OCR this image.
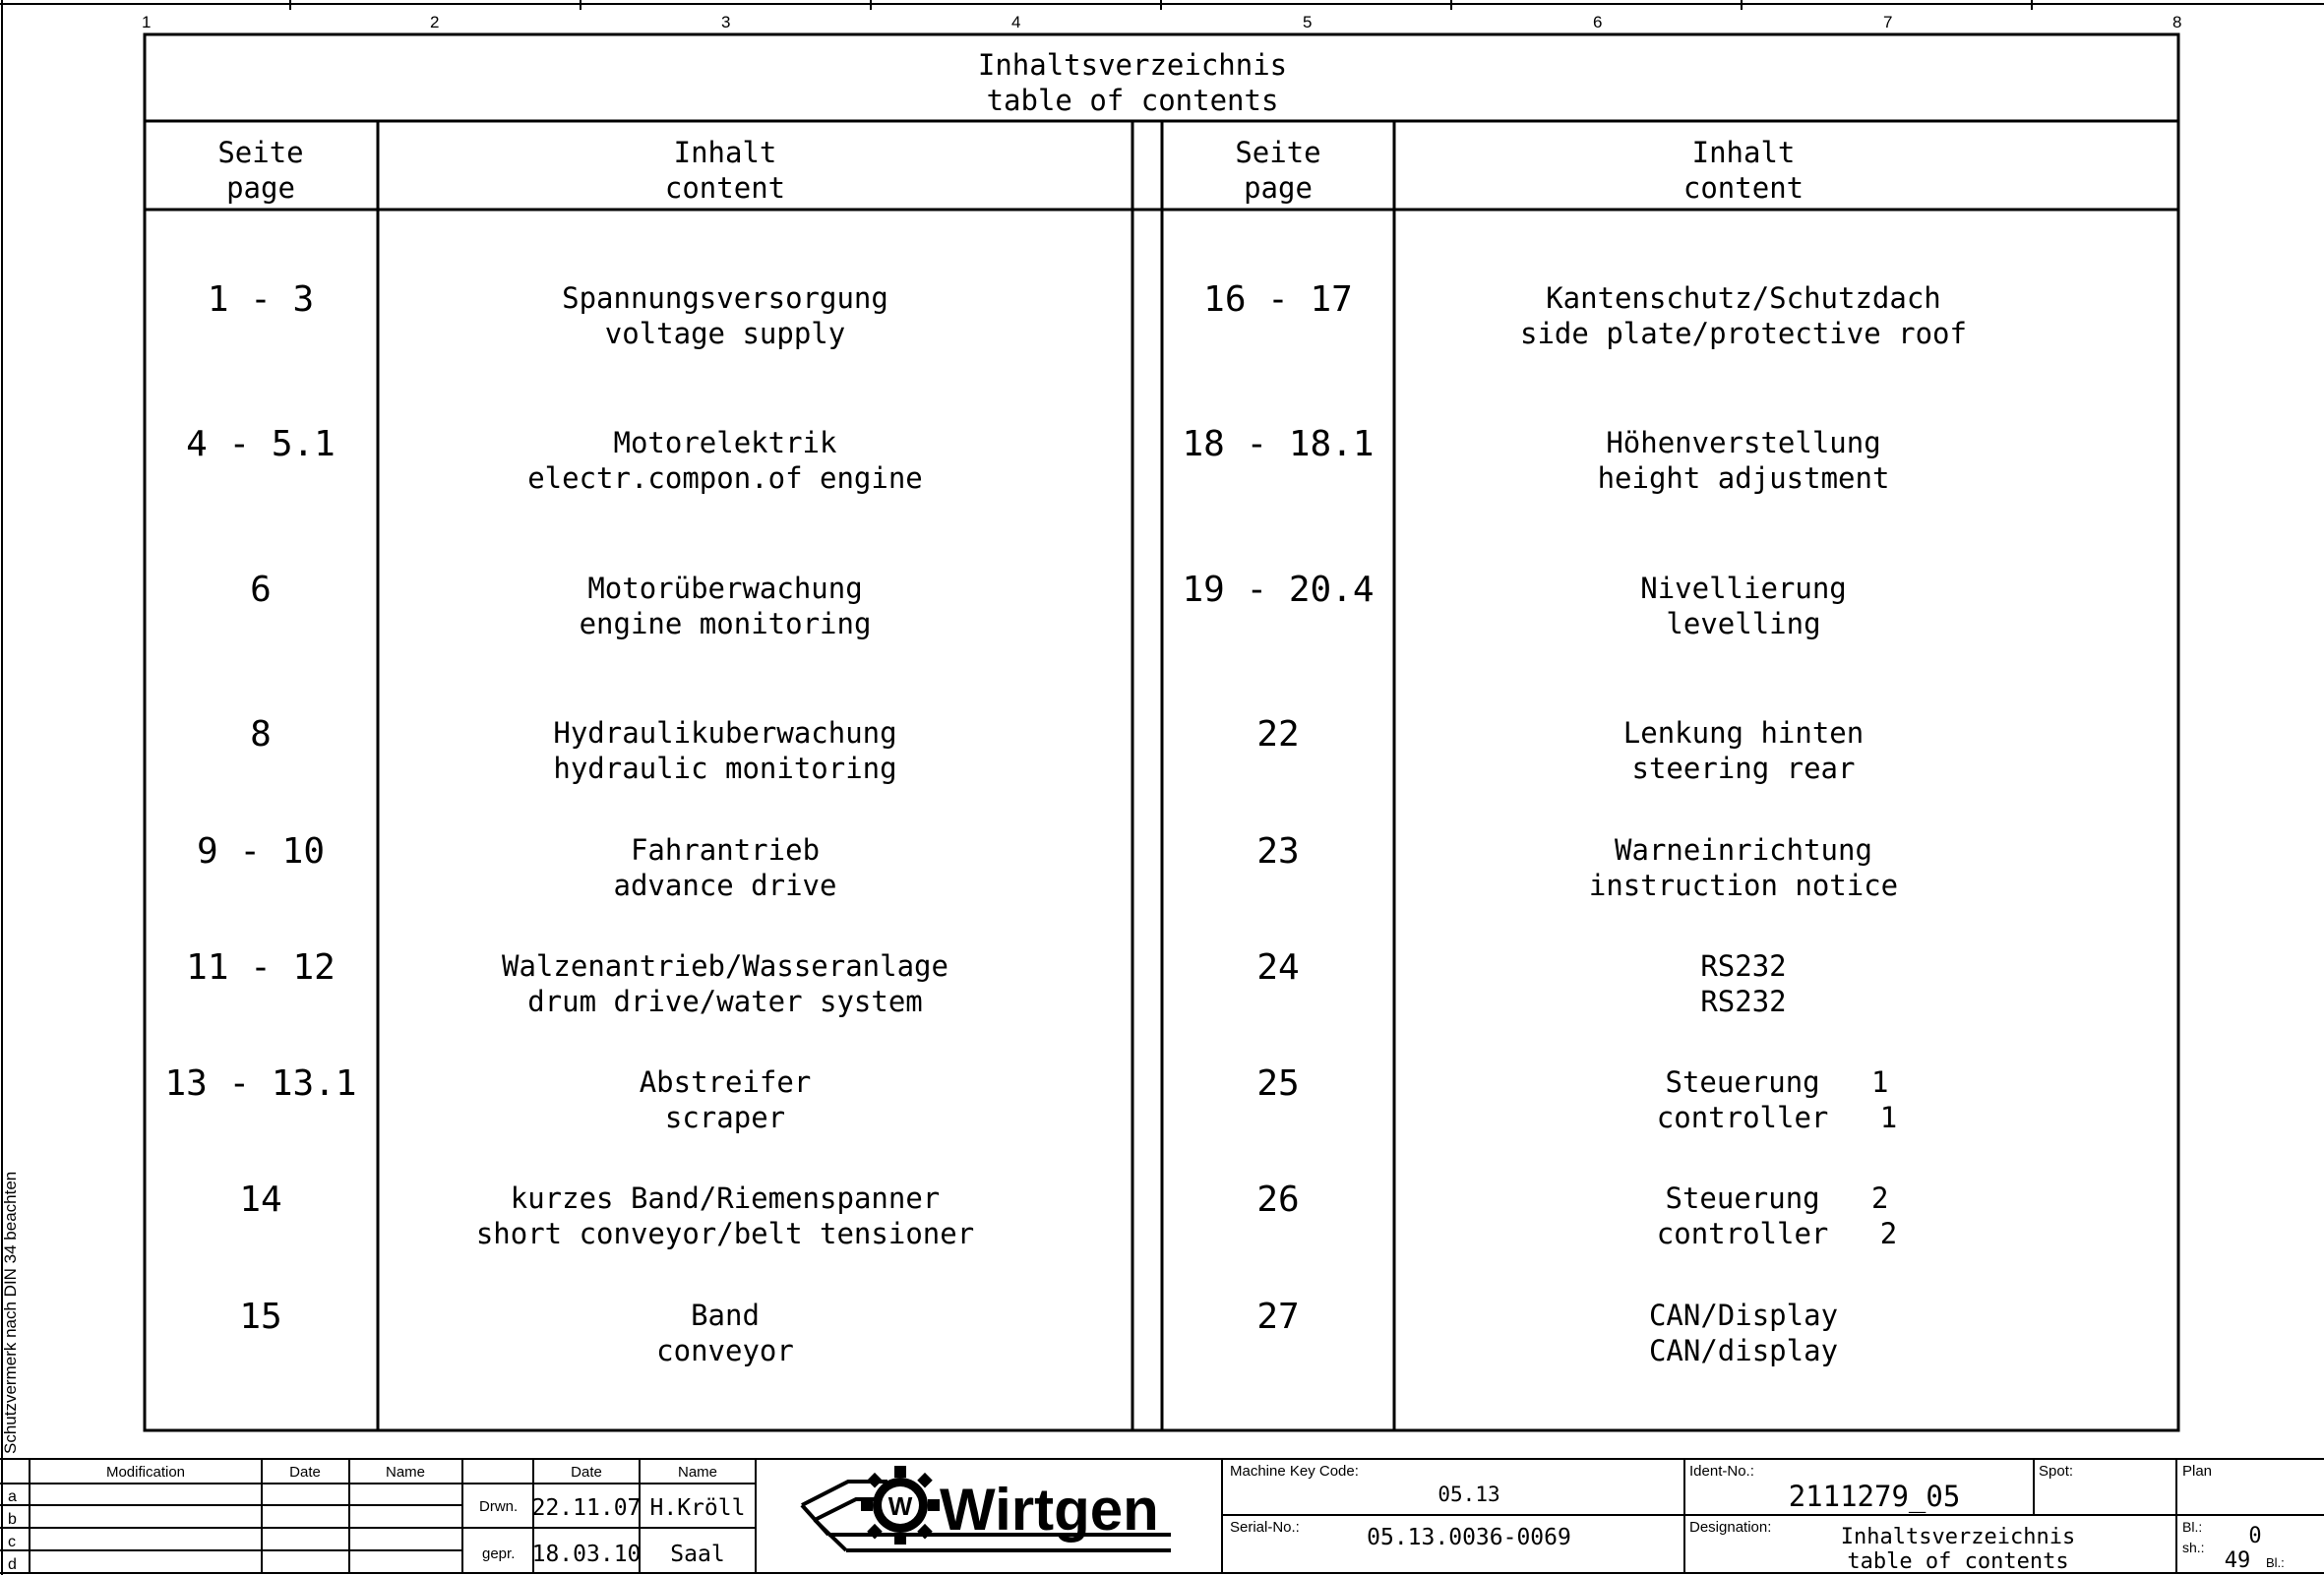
1	2	3	4	5	6	7	8
Schutzvermerk nach DIN 34 beachten
Inhaltsverzeichnis
table of contents
Seite
page
Inhalt
content
Seite
page
Inhalt
content
1 - 3	Spannungsversorgung
voltage supply
4 - 5.1	Motorelektrik
electr.compon.of engine
6	Motorüberwachung
engine monitoring
8	Hydraulikuberwachung
hydraulic monitoring
9 - 10	Fahrantrieb
advance drive
11 - 12	Walzenantrieb/Wasseranlage
drum drive/water system
13 - 13.1	Abstreifer
scraper
14	kurzes Band/Riemenspanner
short conveyor/belt tensioner
15	Band
conveyor
16 - 17	Kantenschutz/Schutzdach
side plate/protective roof
18 - 18.1	Höhenverstellung
height adjustment
19 - 20.4	Nivellierung
levelling
22	Lenkung hinten
steering rear
23	Warneinrichtung
instruction notice
24	RS232
RS232
25	Steuerung   1
controller   1
26	Steuerung   2
controller   2
27	CAN/Display
CAN/display
Modification	Date	Name	Date	Name
a
b
c
d
Drwn. 22.11.07 H.Kröll
gepr. 18.03.10 Saal
W Wirtgen
Machine Key Code:
05.13
Serial-No.:	05.13.0036-0069
Ident-No.:
2111279_05
Spot:
Designation:	Inhaltsverzeichnis
table of contents
Plan
Bl.: 0
sh.:
49 Bl.:
